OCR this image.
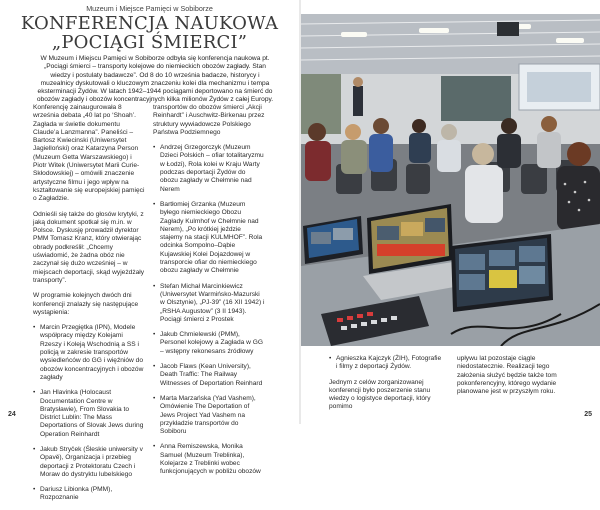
Muzeum i Miejsce Pamięci w Sobiborze
KONFERENCJA NAUKOWA
„POCIĄGI ŚMIERCI”
W Muzeum i Miejscu Pamięci w Sobiborze odbyła się konferencja naukowa pt. „Pociągi śmierci – transporty kolejowe do niemieckich obozów zagłady. Stan wiedzy i postulaty badawcze”. Od 8 do 10 września badacze, historycy i muzealnicy dyskutowali o kluczowym znaczeniu kolei dla mechanizmu i tempa eksterminacji Żydów. W latach 1942–1944 pociągami deportowano na śmierć do obozów zagłady i obozów koncentracyjnych kilka milionów Żydów z całej Europy.

Konferencję zainaugurowała 8 września debata „40 lat po ‘Shoah’. Zagłada w świetle dokumentu Claude’a Lanzmanna”. Paneliści – Bartosz Kwiecinski (Uniwersytet Jagielloński) oraz Katarzyna Person (Muzeum Getta Warszawskiego) i Piotr Witek (Uniwersytet Marii Curie-Skłodowskiej) – omówili znaczenie artystyczne filmu i jego wpływ na kształtowanie się europejskiej pamięci o Zagładzie.

Odnieśli się także do głosów krytyki, z jaką dokument spotkał się m.in. w Polsce. Dyskusję prowadził dyrektor PMM Tomasz Kranz, który otwierając obrady podkreślił: „Chcemy uświadomić, że żadna obóz nie zaczynał się dużo wcześniej – w miejscach deportacji, skąd wyjeżdżały transporty”.

W programie kolejnych dwóch dni konferencji znalazły się następujące wystąpienia:

• Marcin Przegiętka (IPN), Modele współpracy między Kolejami Rzeszy i Koleją Wschodnią a SS i policją w zakresie transportów wysiedleńców do GG i więźniów do obozów koncentracyjnych i obozów zagłady
• Jan Hlavinka (Holocaust Documentation Centre w Bratysławie), From Slovakia to District Lublin: The Mass Deportations of Slovak Jews during Operation Reinhardt
• Jakub Stryček (Śleskie uniwersity v Opavě), Organizacja i przebieg deportacji z Protektoratu Czech i Moraw do dystryktu lubelskiego
• Dariusz Libionka (PMM), Rozpoznanie

transportów do obozów śmierci „Akcji Reinhardt” i Auschwitz-Birkenau przez struktury wywiadowcze Polskiego Państwa Podziemnego

• Andrzej Grzegorczyk (Muzeum Dzieci Polskich – ofiar totalitaryzmu w Łodzi), Rola kolei w Kraju Warty podczas deportacji Żydów do obozu zagłady w Chełmnie nad Nerem
• Bartłomiej Grzanka (Muzeum byłego niemieckiego Obozu Zagłady Kulmhof w Chełmnie nad Nerem), „Po krótkiej jeździe stajemy na stacji KULMHOF”. Rola odcinka Sompolno–Dąbie Kujawskiej Kolei Dojazdowej w transporcie ofiar do niemieckiego obozu zagłady w Chełmnie
• Stefan Michał Marcinkiewicz (Uniwersytet Warmińsko-Mazurski w Olsztynie), „PJ-39” (16 XII 1942) i „RSHA Augustow” (3 II 1943). Pociągi śmierci z Prostek
• Jakub Chmielewski (PMM), Personel kolejowy a Zagłada w GG – wstępny rekonesans źródłowy
• Jacob Flaws (Kean University), Death Traffic: The Railway Witnesses of Deportation Reinhard
• Marta Marzańska (Yad Vashem), Omówienie The Deportation of Jews Project Yad Vashem na przykładzie transportów do Sobiboru
• Anna Remiszewska, Monika Samuel (Muzeum Treblinka), Kolejarze z Treblinki wobec funkcjonujących w pobliżu obozów
24
• Agnieszka Kajczyk (ŻIH), Fotografie i filmy z deportacji Żydów.

Jednym z celów zorganizowanej konferencji było poszerzenie stanu wiedzy o logistyce deportacji, który pomimo

upływu lat pozostaje ciągle niedostatecznie. Realizacji tego założenia służyć będzie także tom pokonferencyjny, którego wydanie planowane jest w przyszłym roku.

25
